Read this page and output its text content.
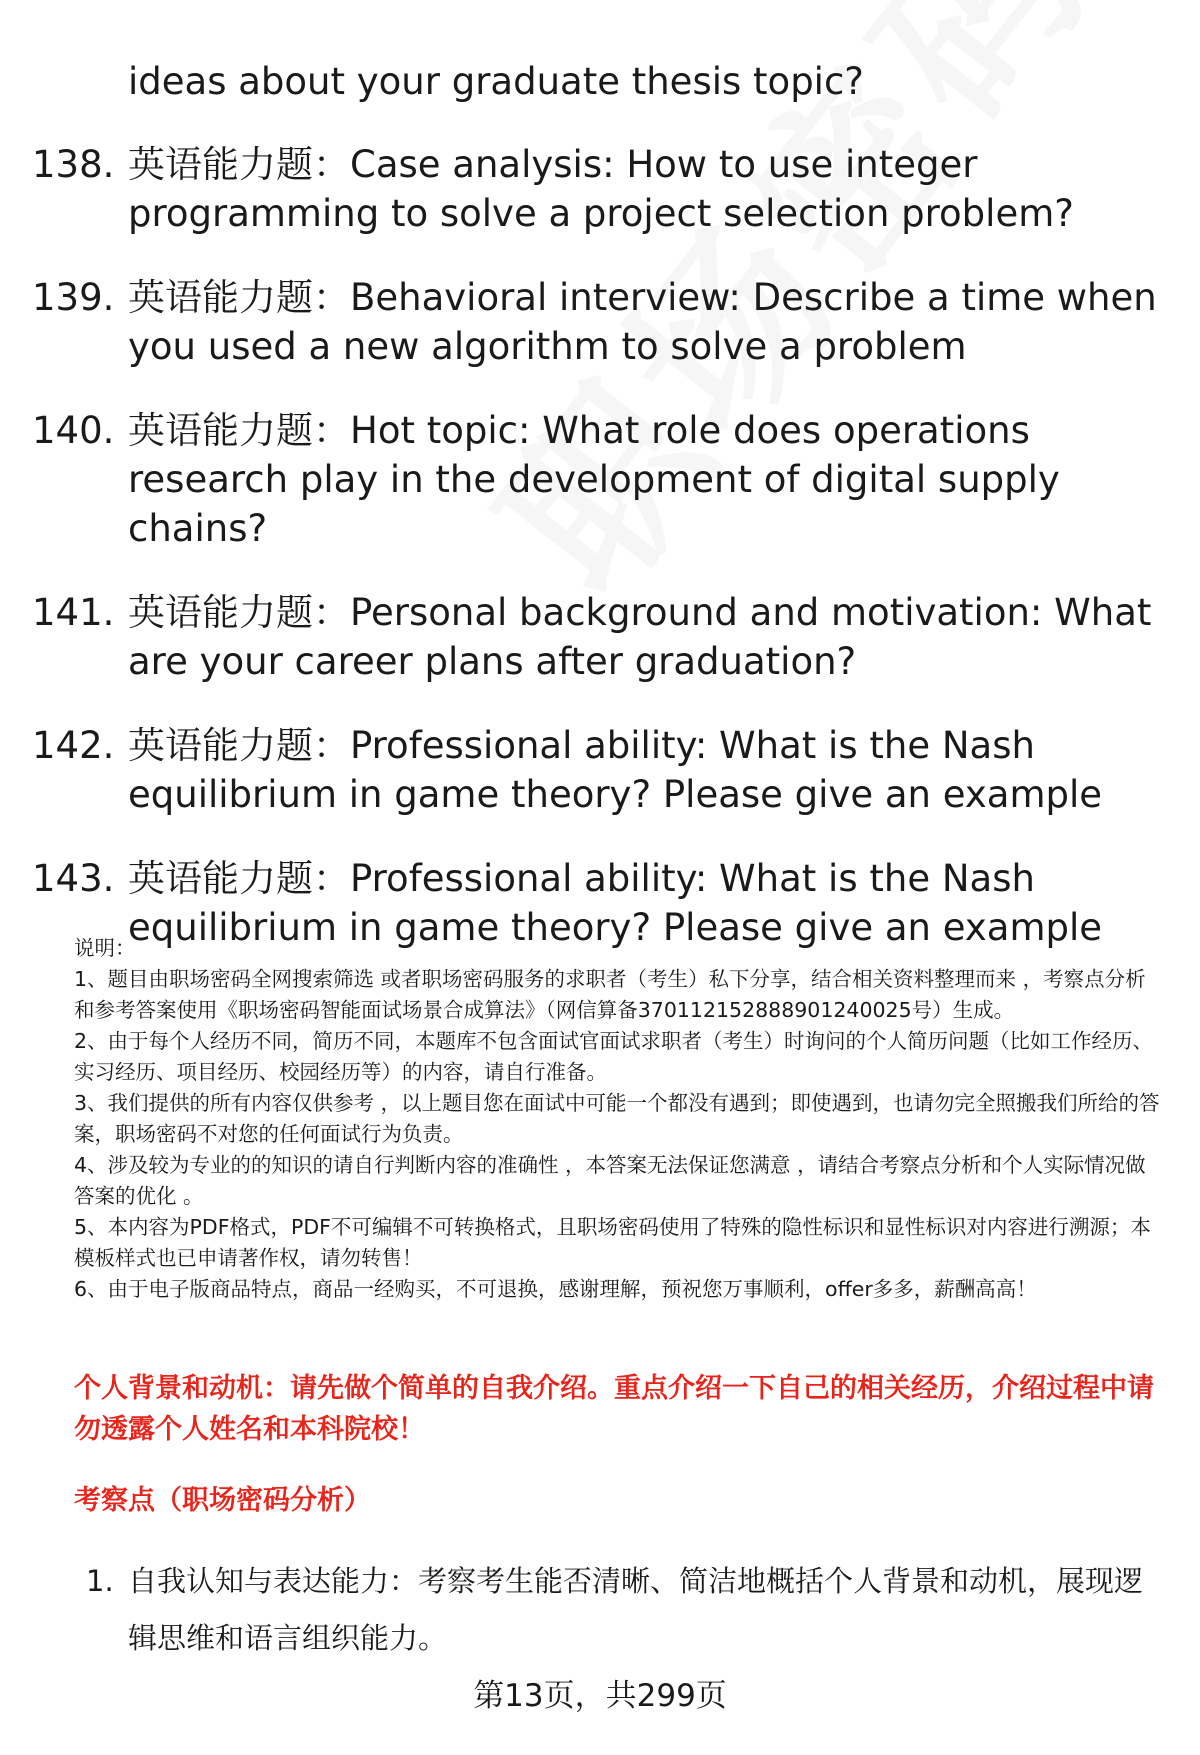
ideas about your graduate thesis topic?
138. 英语能力题：Case analysis: How to use integer programming to solve a project selection problem?
139. 英语能力题：Behavioral interview: Describe a time when you used a new algorithm to solve a problem
140. 英语能力题：Hot topic: What role does operations research play in the development of digital supply chains?
141. 英语能力题：Personal background and motivation: What are your career plans after graduation?
142. 英语能力题：Professional ability: What is the Nash equilibrium in game theory? Please give an example
143. 英语能力题：Professional ability: What is the Nash equilibrium in game theory? Please give an example

说明：

1、题目由职场密码全网搜索筛选 或者职场密码服务的求职者（考生）私下分享，结合相关资料整理而来 ，考察点分析和参考答案使用《职场密码智能面试场景合成算法》（网信算备370112152888901240025号）生成。

2、由于每个人经历不同，简历不同，本题库不包含面试官面试求职者（考生）时询问的个人简历问题（比如工作经历、实习经历、项目经历、校园经历等）的内容，请自行准备。

3、我们提供的所有内容仅供参考 ，以上题目您在面试中可能一个都没有遇到；即使遇到，也请勿完全照搬我们所给的答案，职场密码不对您的任何面试行为负责。

4、涉及较为专业的的知识的请自行判断内容的准确性 ，本答案无法保证您满意 ，请结合考察点分析和个人实际情况做答案的优化 。

5、本内容为PDF格式，PDF不可编辑不可转换格式，且职场密码使用了特殊的隐性标识和显性标识对内容进行溯源；本模板样式也已申请著作权，请勿转售！

6、由于电子版商品特点，商品一经购买，不可退换，感谢理解，预祝您万事顺利，offer多多，薪酬高高！

个人背景和动机：请先做个简单的自我介绍。重点介绍一下自己的相关经历，介绍过程中请勿透露个人姓名和本科院校！
考察点（职场密码分析）
1. 自我认知与表达能力：考察考生能否清晰、简洁地概括个人背景和动机，展现逻辑思维和语言组织能力。
第13页，共299页
